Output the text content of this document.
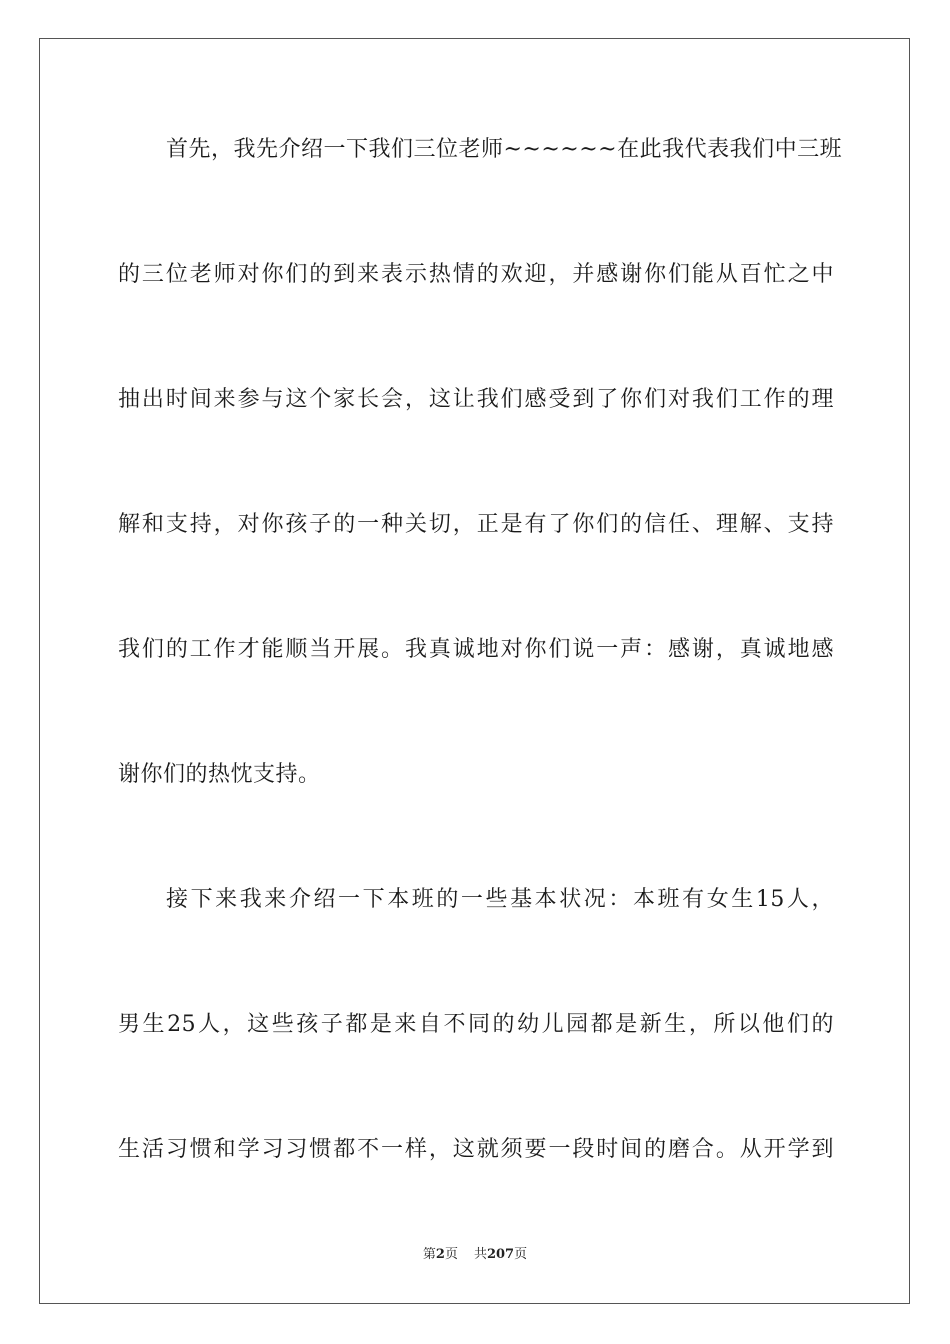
首先，我先介绍一下我们三位老师~~~~~~在此我代表我们中三班
的三位老师对你们的到来表示热情的欢迎，并感谢你们能从百忙之中
抽出时间来参与这个家长会，这让我们感受到了你们对我们工作的理
解和支持，对你孩子的一种关切，正是有了你们的信任、理解、支持
我们的工作才能顺当开展。我真诚地对你们说一声：感谢，真诚地感
谢你们的热忱支持。
接下来我来介绍一下本班的一些基本状况：本班有女生15人，
男生25人，这些孩子都是来自不同的幼儿园都是新生，所以他们的
生活习惯和学习习惯都不一样，这就须要一段时间的磨合。从开学到
第2页 共207页
